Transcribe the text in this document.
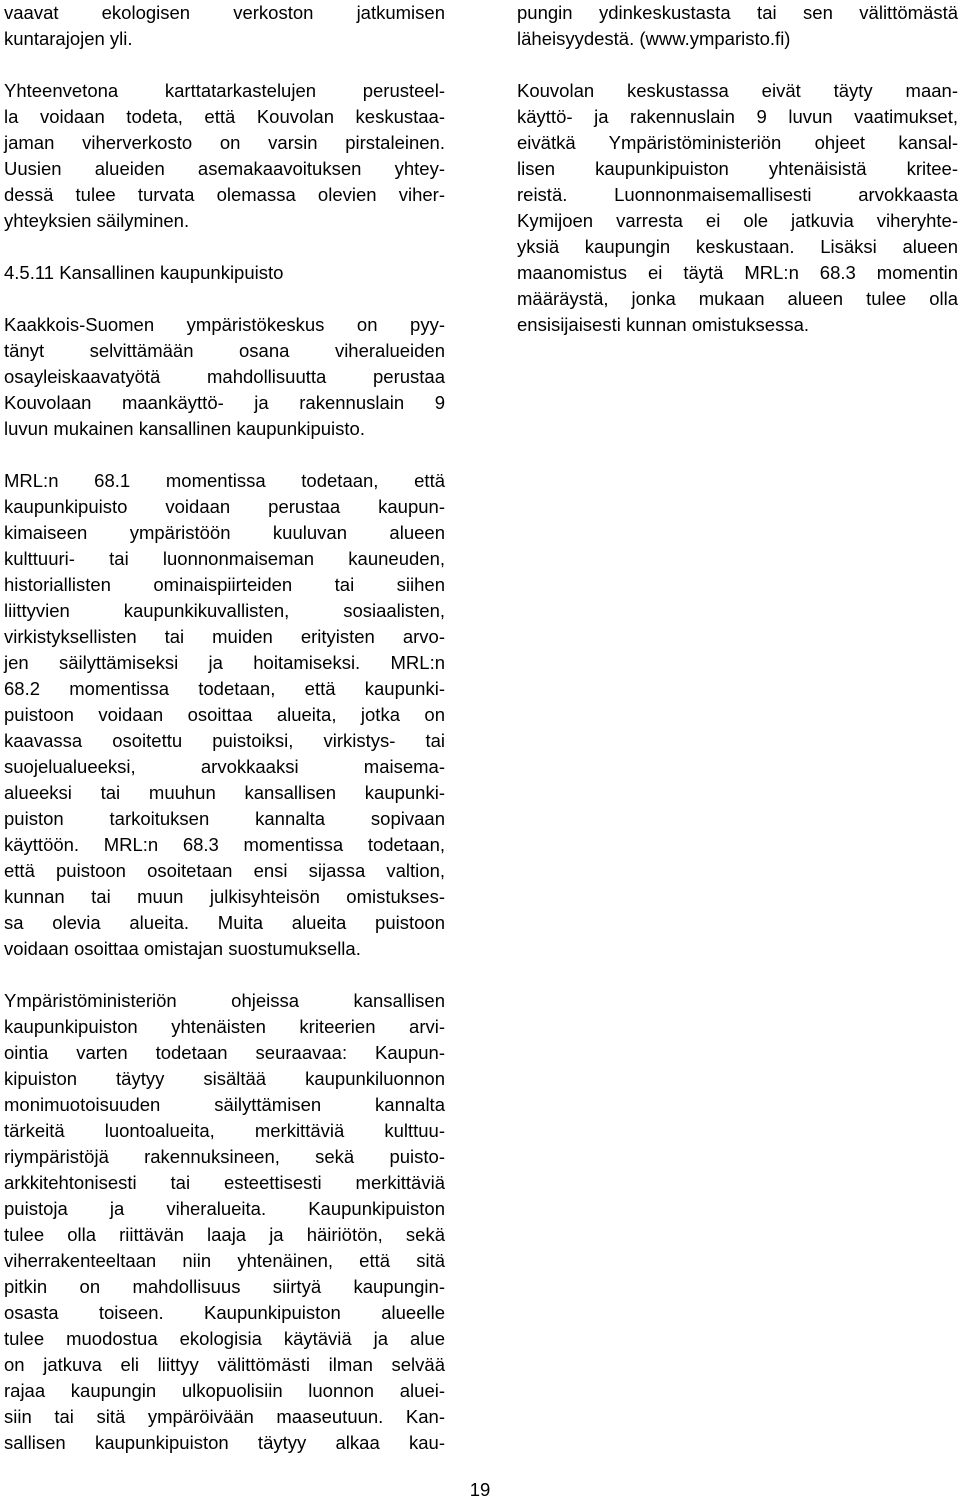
vaavat ekologisen verkoston jatkumisen
kuntarajojen yli.
Yhteenvetona karttatarkastelujen perusteel-
la voidaan todeta, että Kouvolan keskustaa-
jaman viherverkosto on varsin pirstaleinen.
Uusien alueiden asemakaavoituksen yhtey-
dessä tulee turvata olemassa olevien viher-
yhteyksien säilyminen.
4.5.11 Kansallinen kaupunkipuisto
Kaakkois-Suomen ympäristökeskus on pyy-
tänyt selvittämään osana viheralueiden
osayleiskaavatyötä mahdollisuutta perustaa
Kouvolaan maankäyttö- ja rakennuslain 9
luvun mukainen kansallinen kaupunkipuisto.
MRL:n 68.1 momentissa todetaan, että
kaupunkipuisto voidaan perustaa kaupun-
kimaiseen ympäristöön kuuluvan alueen
kulttuuri- tai luonnonmaiseman kauneuden,
historiallisten ominaispiirteiden tai siihen
liittyvien kaupunkikuvallisten, sosiaalisten,
virkistyksellisten tai muiden erityisten arvo-
jen säilyttämiseksi ja hoitamiseksi. MRL:n
68.2 momentissa todetaan, että kaupunki-
puistoon voidaan osoittaa alueita, jotka on
kaavassa osoitettu puistoiksi, virkistys- tai
suojelualueeksi, arvokkaaksi maisema-
alueeksi tai muuhun kansallisen kaupunki-
puiston tarkoituksen kannalta sopivaan
käyttöön. MRL:n 68.3 momentissa todetaan,
että puistoon osoitetaan ensi sijassa valtion,
kunnan tai muun julkisyhteisön omistukses-
sa olevia alueita. Muita alueita puistoon
voidaan osoittaa omistajan suostumuksella.
Ympäristöministeriön ohjeissa kansallisen
kaupunkipuiston yhtenäisten kriteerien arvi-
ointia varten todetaan seuraavaa: Kaupun-
kipuiston täytyy sisältää kaupunkiluonnon
monimuotoisuuden säilyttämisen kannalta
tärkeitä luontoalueita, merkittäviä kulttuu-
riympäristöjä rakennuksineen, sekä puisto-
arkkitehtonisesti tai esteettisesti merkittäviä
puistoja ja viheralueita. Kaupunkipuiston
tulee olla riittävän laaja ja häiriötön, sekä
viherrakenteeltaan niin yhtenäinen, että sitä
pitkin on mahdollisuus siirtyä kaupungin-
osasta toiseen. Kaupunkipuiston alueelle
tulee muodostua ekologisia käytäviä ja alue
on jatkuva eli liittyy välittömästi ilman selvää
rajaa kaupungin ulkopuolisiin luonnon aluei-
siin tai sitä ympäröivään maaseutuun. Kan-
sallisen kaupunkipuiston täytyy alkaa kau-
pungin ydinkeskustasta tai sen välittömästä
läheisyydestä. (www.ymparisto.fi)
Kouvolan keskustassa eivät täyty maan-
käyttö- ja rakennuslain 9 luvun vaatimukset,
eivätkä Ympäristöministeriön ohjeet kansal-
lisen kaupunkipuiston yhtenäisistä kritee-
reistä. Luonnonmaisemallisesti arvokkaasta
Kymijoen varresta ei ole jatkuvia viheryhte-
yksiä kaupungin keskustaan. Lisäksi alueen
maanomistus ei täytä MRL:n 68.3 momentin
määräystä, jonka mukaan alueen tulee olla
ensisijaisesti kunnan omistuksessa.
19
